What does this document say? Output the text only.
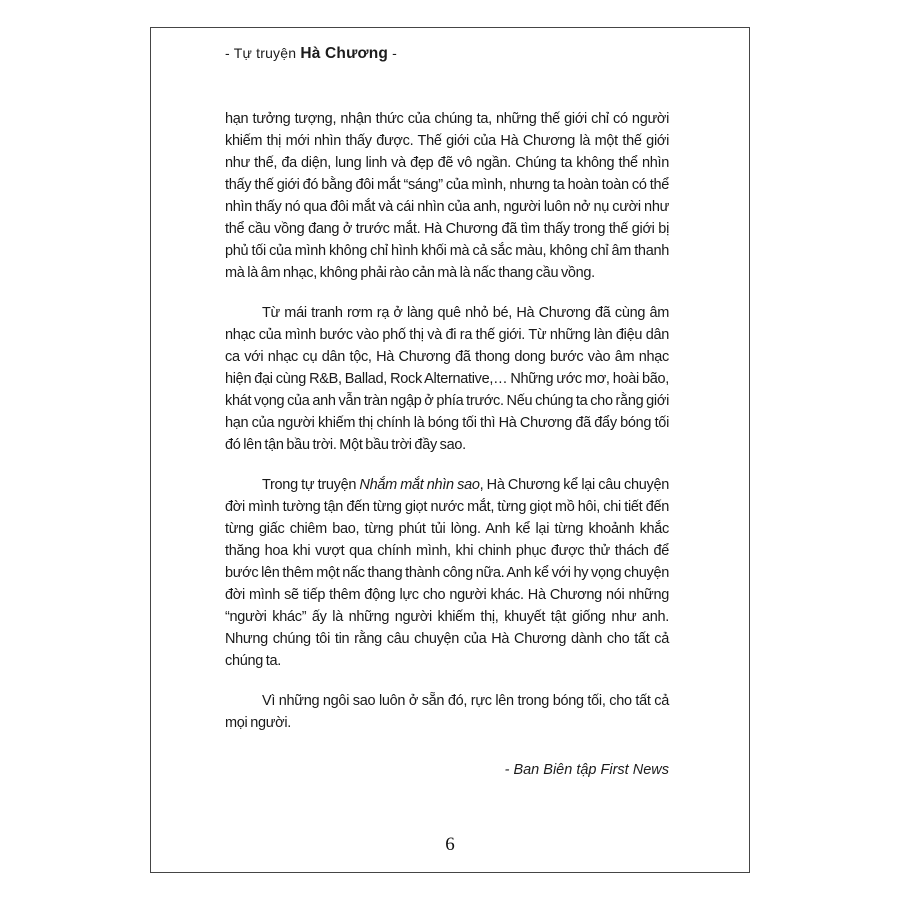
- Tự truyện Hà Chương -

hạn tưởng tượng, nhận thức của chúng ta, những thế giới chỉ có người khiếm thị mới nhìn thấy được. Thế giới của Hà Chương là một thế giới như thế, đa diện, lung linh và đẹp đẽ vô ngần. Chúng ta không thể nhìn thấy thế giới đó bằng đôi mắt “sáng” của mình, nhưng ta hoàn toàn có thể nhìn thấy nó qua đôi mắt và cái nhìn của anh, người luôn nở nụ cười như thể cầu vồng đang ở trước mắt. Hà Chương đã tìm thấy trong thế giới bị phủ tối của mình không chỉ hình khối mà cả sắc màu, không chỉ âm thanh mà là âm nhạc, không phải rào cản mà là nấc thang cầu vồng.

Từ mái tranh rơm rạ ở làng quê nhỏ bé, Hà Chương đã cùng âm nhạc của mình bước vào phố thị và đi ra thế giới. Từ những làn điệu dân ca với nhạc cụ dân tộc, Hà Chương đã thong dong bước vào âm nhạc hiện đại cùng R&B, Ballad, Rock Alternative,… Những ước mơ, hoài bão, khát vọng của anh vẫn tràn ngập ở phía trước. Nếu chúng ta cho rằng giới hạn của người khiếm thị chính là bóng tối thì Hà Chương đã đẩy bóng tối đó lên tận bầu trời. Một bầu trời đầy sao.

Trong tự truyện Nhắm mắt nhìn sao, Hà Chương kể lại câu chuyện đời mình tường tận đến từng giọt nước mắt, từng giọt mồ hôi, chi tiết đến từng giấc chiêm bao, từng phút tủi lòng. Anh kể lại từng khoảnh khắc thăng hoa khi vượt qua chính mình, khi chinh phục được thử thách để bước lên thêm một nấc thang thành công nữa. Anh kể với hy vọng chuyện đời mình sẽ tiếp thêm động lực cho người khác. Hà Chương nói những “người khác” ấy là những người khiếm thị, khuyết tật giống như anh. Nhưng chúng tôi tin rằng câu chuyện của Hà Chương dành cho tất cả chúng ta.

Vì những ngôi sao luôn ở sẵn đó, rực lên trong bóng tối, cho tất cả mọi người.

- Ban Biên tập First News
6
